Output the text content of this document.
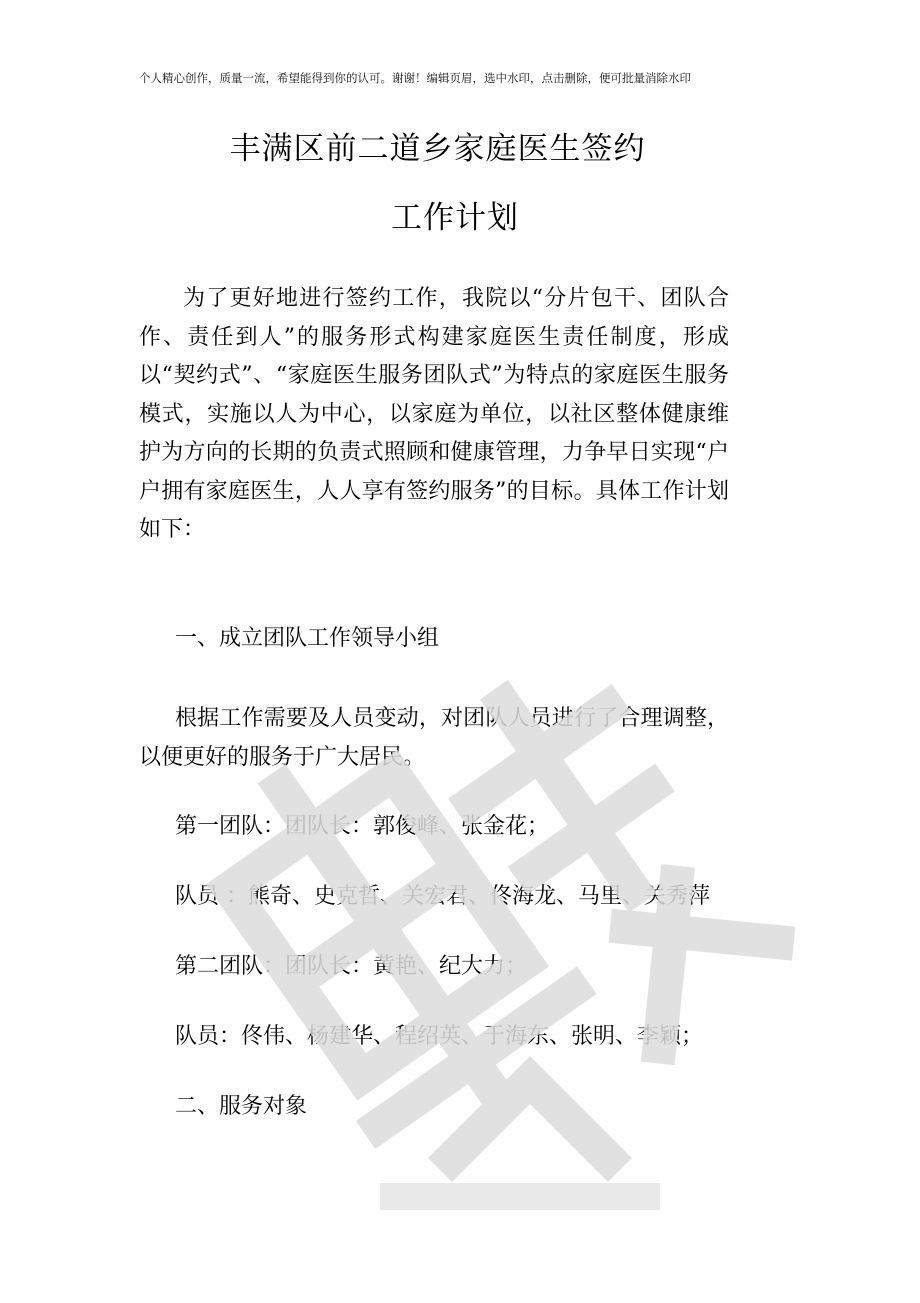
个人精心创作，质量一流，希望能得到你的认可。谢谢！编辑页眉，选中水印，点击删除，便可批量消除水印
丰满区前二道乡家庭医生签约
工作计划

为了更好地进行签约工作，我院以“分片包干、团队合作、责任到人”的服务形式构建家庭医生责任制度，形成以“契约式”、“家庭医生服务团队式”为特点的家庭医生服务模式，实施以人为中心，以家庭为单位，以社区整体健康维护为方向的长期的负责式照顾和健康管理，力争早日实现“户户拥有家庭医生，人人享有签约服务”的目标。具体工作计划如下：

一、成立团队工作领导小组

根据工作需要及人员变动，对团队人员进行了合理调整，以便更好的服务于广大居民。

第一团队：团队长：郭俊峰、张金花；

队员 ：熊奇、史克哲、关宏君、佟海龙、马里、关秀萍

第二团队：团队长：黄艳、纪大力；

队员：佟伟、杨建华、程绍英、于海东、张明、李颖；

二、服务对象
